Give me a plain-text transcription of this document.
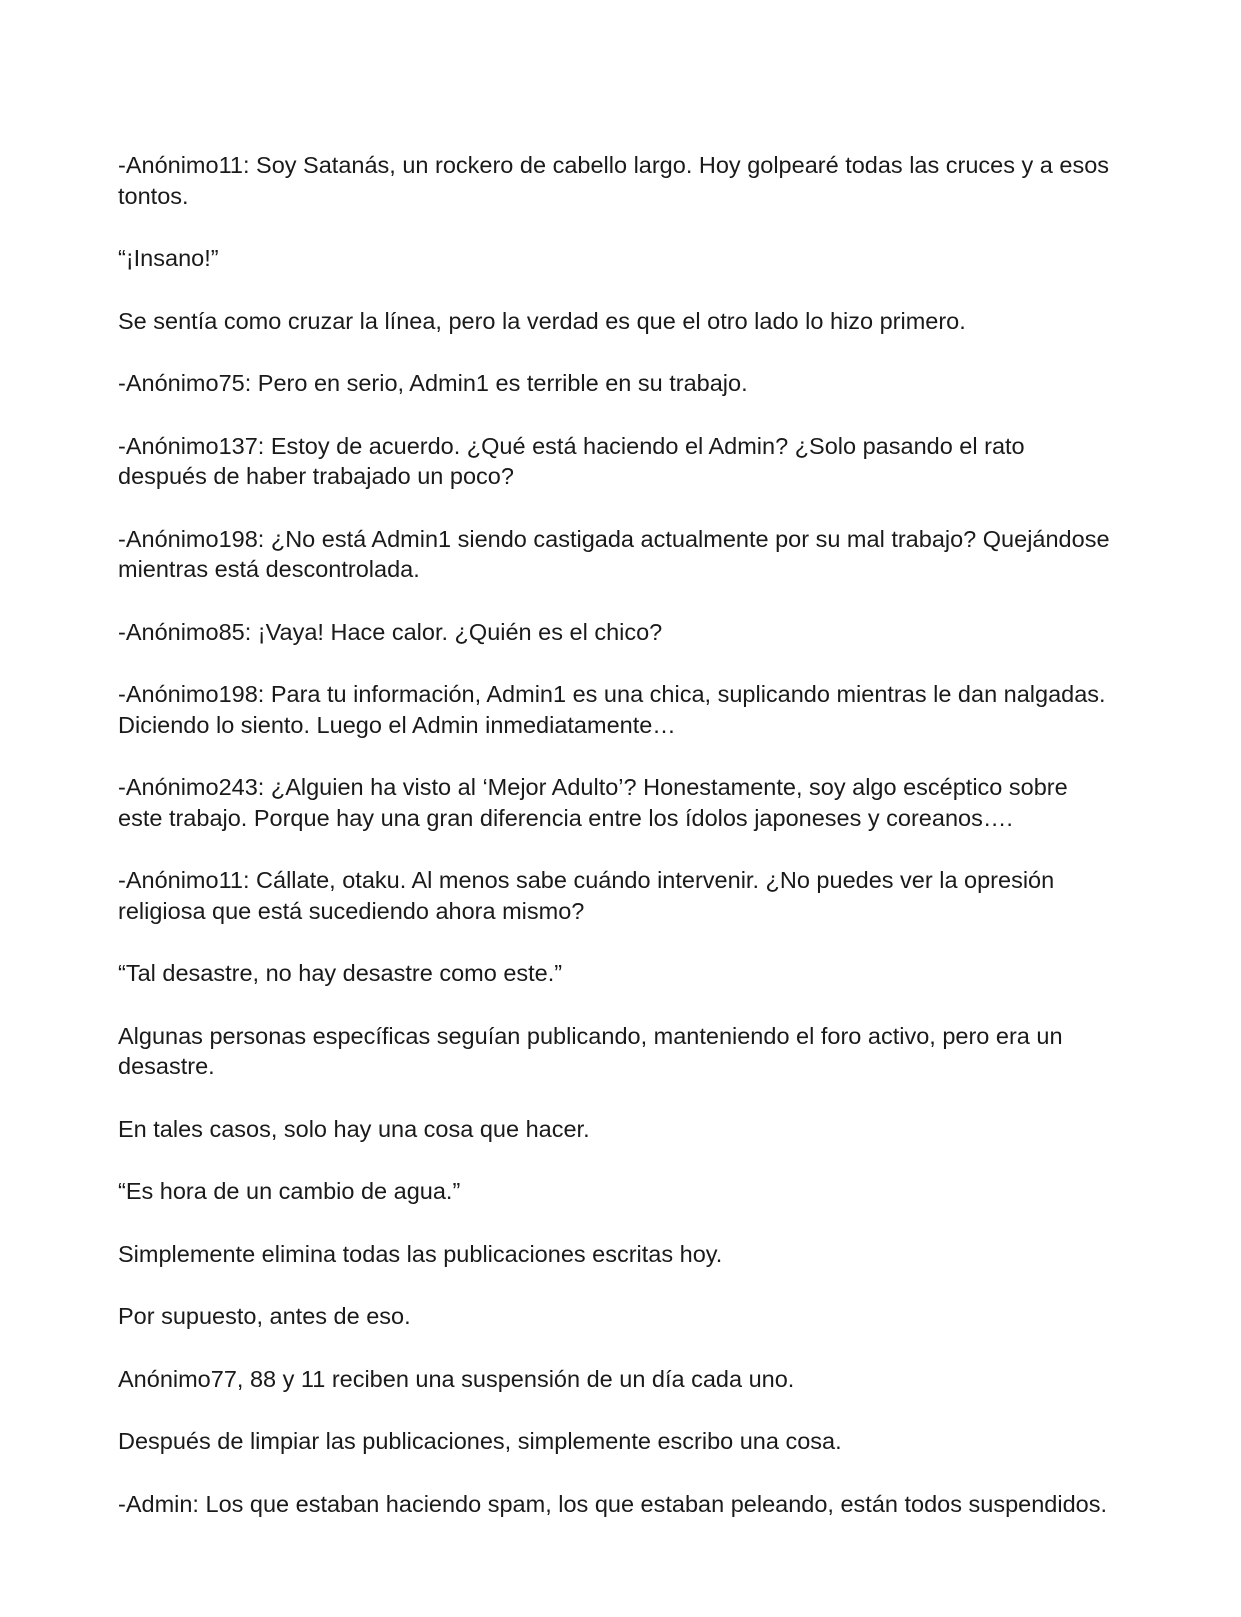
-Anónimo11: Soy Satanás, un rockero de cabello largo. Hoy golpearé todas las cruces y a esos tontos.

“¡Insano!”

Se sentía como cruzar la línea, pero la verdad es que el otro lado lo hizo primero.

-Anónimo75: Pero en serio, Admin1 es terrible en su trabajo.

-Anónimo137: Estoy de acuerdo. ¿Qué está haciendo el Admin? ¿Solo pasando el rato después de haber trabajado un poco?

-Anónimo198: ¿No está Admin1 siendo castigada actualmente por su mal trabajo? Quejándose mientras está descontrolada.

-Anónimo85: ¡Vaya! Hace calor. ¿Quién es el chico?

-Anónimo198: Para tu información, Admin1 es una chica, suplicando mientras le dan nalgadas. Diciendo lo siento. Luego el Admin inmediatamente…

-Anónimo243: ¿Alguien ha visto al ‘Mejor Adulto’? Honestamente, soy algo escéptico sobre este trabajo. Porque hay una gran diferencia entre los ídolos japoneses y coreanos….

-Anónimo11: Cállate, otaku. Al menos sabe cuándo intervenir. ¿No puedes ver la opresión religiosa que está sucediendo ahora mismo?

“Tal desastre, no hay desastre como este.”

Algunas personas específicas seguían publicando, manteniendo el foro activo, pero era un desastre.

En tales casos, solo hay una cosa que hacer.

“Es hora de un cambio de agua.”

Simplemente elimina todas las publicaciones escritas hoy.

Por supuesto, antes de eso.

Anónimo77, 88 y 11 reciben una suspensión de un día cada uno.

Después de limpiar las publicaciones, simplemente escribo una cosa.

-Admin: Los que estaban haciendo spam, los que estaban peleando, están todos suspendidos.
